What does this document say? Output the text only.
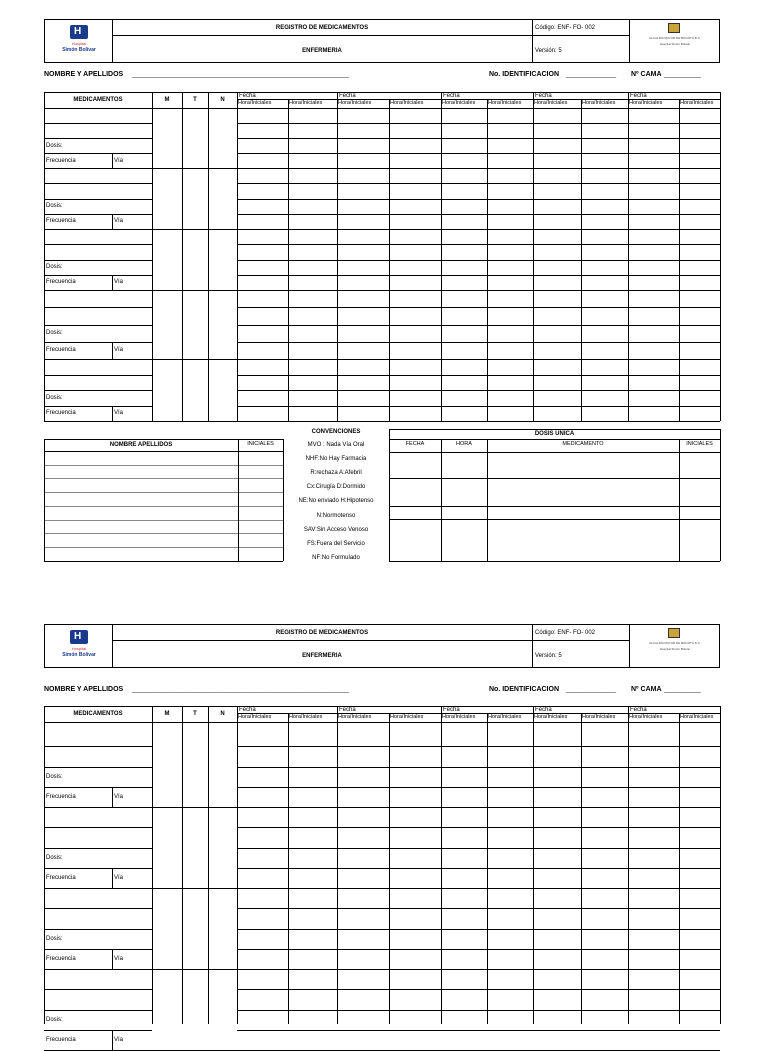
H
Hospital
Simón Bolívar
REGISTRO DE MEDICAMENTOS
ENFERMERIA
Código: ENF- FO- 002
Versión: 5
ALCALDÍA MAYOR DE BOGOTÁ D.C.
Hospital Simón Bolívar
NOMBRE Y APELLIDOS _________________________________________________________________	No. IDENTIFICACION _______________ Nº CAMA ___________
MEDICAMENTOS	M	T	N
Fecha	Fecha	Fecha	Fecha	Fecha
Hora/Iniciales	Hora/Iniciales	Hora/Iniciales	Hora/Iniciales	Hora/Iniciales Hora/Iniciales Hora/Iniciales	Hora/Iniciales Hora/Iniciales	Hora/Iniciales
Dosis:
Frecuencia	Vía
Dosis:
Frecuencia	Vía
Dosis:
Frecuencia	Vía
Dosis:
Frecuencia	Vía
Dosis:
Frecuencia	Vía
NOMBRE APELLIDOS	INICIALES
CONVENCIONES
MVO : Nada Vía Oral
NHF:No Hay Farmacia
R:rechaza A:Afebril
Cx:Cirugía D:Dormido
NE:No enviado H:Hipotenso
N:Normotenso
SAV:Sin Acceso Venoso
FS:Fuera del Servicio
NF:No Formulado
DOSIS UNICA
FECHA	HORA	MEDICAMENTO	INICIALES
H
Hospital
Simón Bolívar
REGISTRO DE MEDICAMENTOS
ENFERMERIA
Código: ENF- FO- 002
Versión: 5
ALCALDÍA MAYOR DE BOGOTÁ D.C.
Hospital Simón Bolívar
NOMBRE Y APELLIDOS _________________________________________________________________	No. IDENTIFICACION _______________ Nº CAMA ___________
MEDICAMENTOS	M	T	N
Fecha	Fecha	Fecha	Fecha	Fecha
Hora/Iniciales	Hora/Iniciales	Hora/Iniciales	Hora/Iniciales	Hora/Iniciales Hora/Iniciales Hora/Iniciales	Hora/Iniciales Hora/Iniciales	Hora/Iniciales
Dosis:
Frecuencia	Vía
Dosis:
Frecuencia	Vía
Dosis:
Frecuencia	Vía
Dosis:
Frecuencia	Vía
